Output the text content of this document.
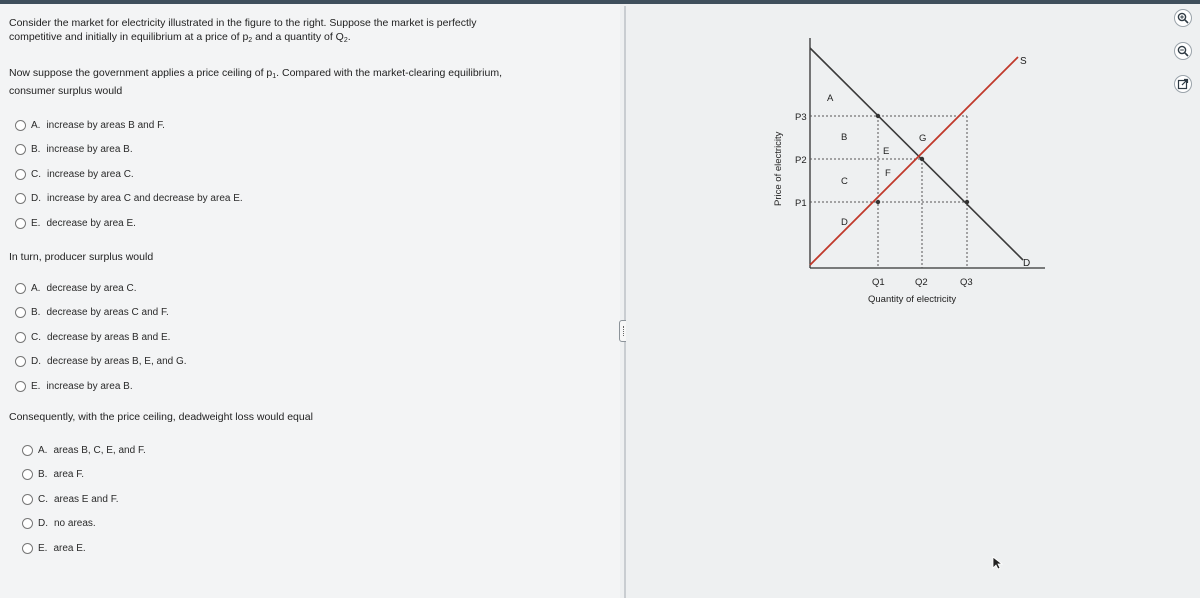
Consider the market for electricity illustrated in the figure to the right. Suppose the market is perfectly
competitive and initially in equilibrium at a price of $p_2$ and a quantity of $Q_2$.
Now suppose the government applies a price ceiling of $p_1$. Compared with the market-clearing equilibrium,
consumer surplus would
A. increase by areas B and F.
B. increase by area B.
C. increase by area C.
D. increase by area C and decrease by area E.
E. decrease by area E.
In turn, producer surplus would
A. decrease by area C.
B. decrease by areas C and F.
C. decrease by areas B and E.
D. decrease by areas B, E, and G.
E. increase by area B.
Consequently, with the price ceiling, deadweight loss would equal
A. areas B, C, E, and F.
B. area F.
C. areas E and F.
D. no areas.
E. area E.
S
D
P3
P2
P1
Price of electricity
A
B
C
D
E
F
G
Q1	Q2	Q3
Quantity of electricity
